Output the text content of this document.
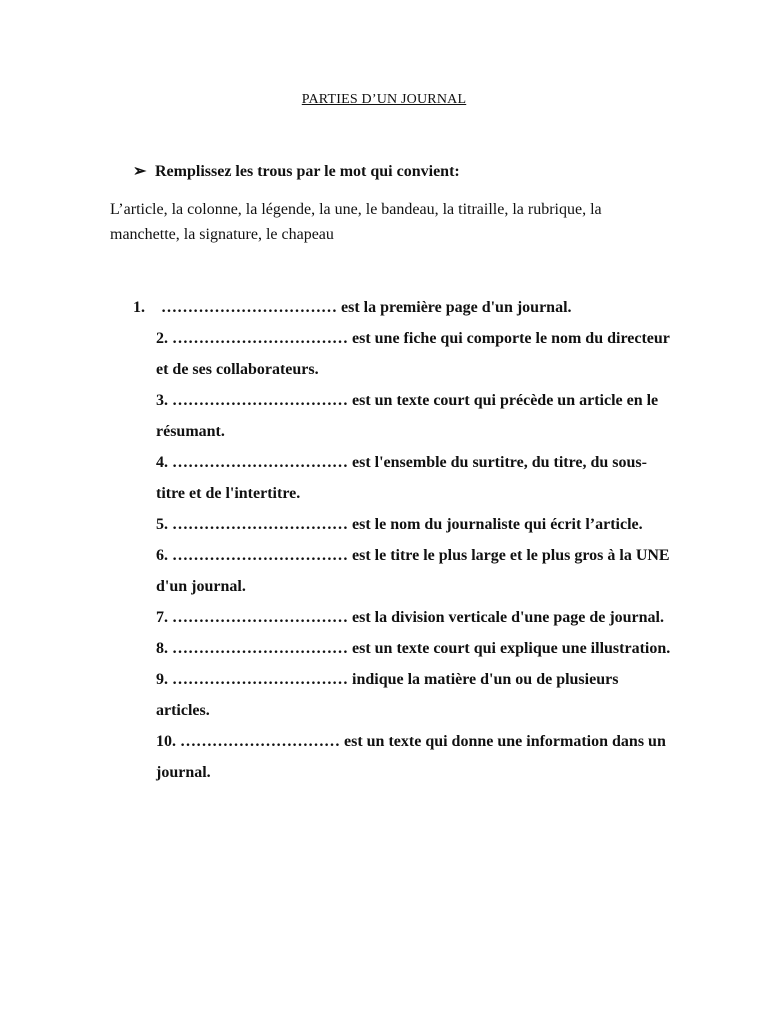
PARTIES D’UN JOURNAL
➢ Remplissez les trous par le mot qui convient:
L’article, la colonne, la légende, la une, le bandeau, la titraille, la rubrique, la manchette, la signature, le chapeau

1. …………………………… est la première page d'un journal.

2. …………………………… est une fiche qui comporte le nom du directeur et de ses collaborateurs.

3. …………………………… est un texte court qui précède un article en le résumant.

4. …………………………… est l'ensemble du surtitre, du titre, du sous-titre et de l'intertitre.

5. …………………………… est le nom du journaliste qui écrit l’article.

6. …………………………… est le titre le plus large et le plus gros à la UNE d'un journal.

7. …………………………… est la division verticale d'une page de journal.

8. …………………………… est un texte court qui explique une illustration.

9. …………………………… indique la matière d'un ou de plusieurs articles.

10. ………………………… est un texte qui donne une information dans un journal.
